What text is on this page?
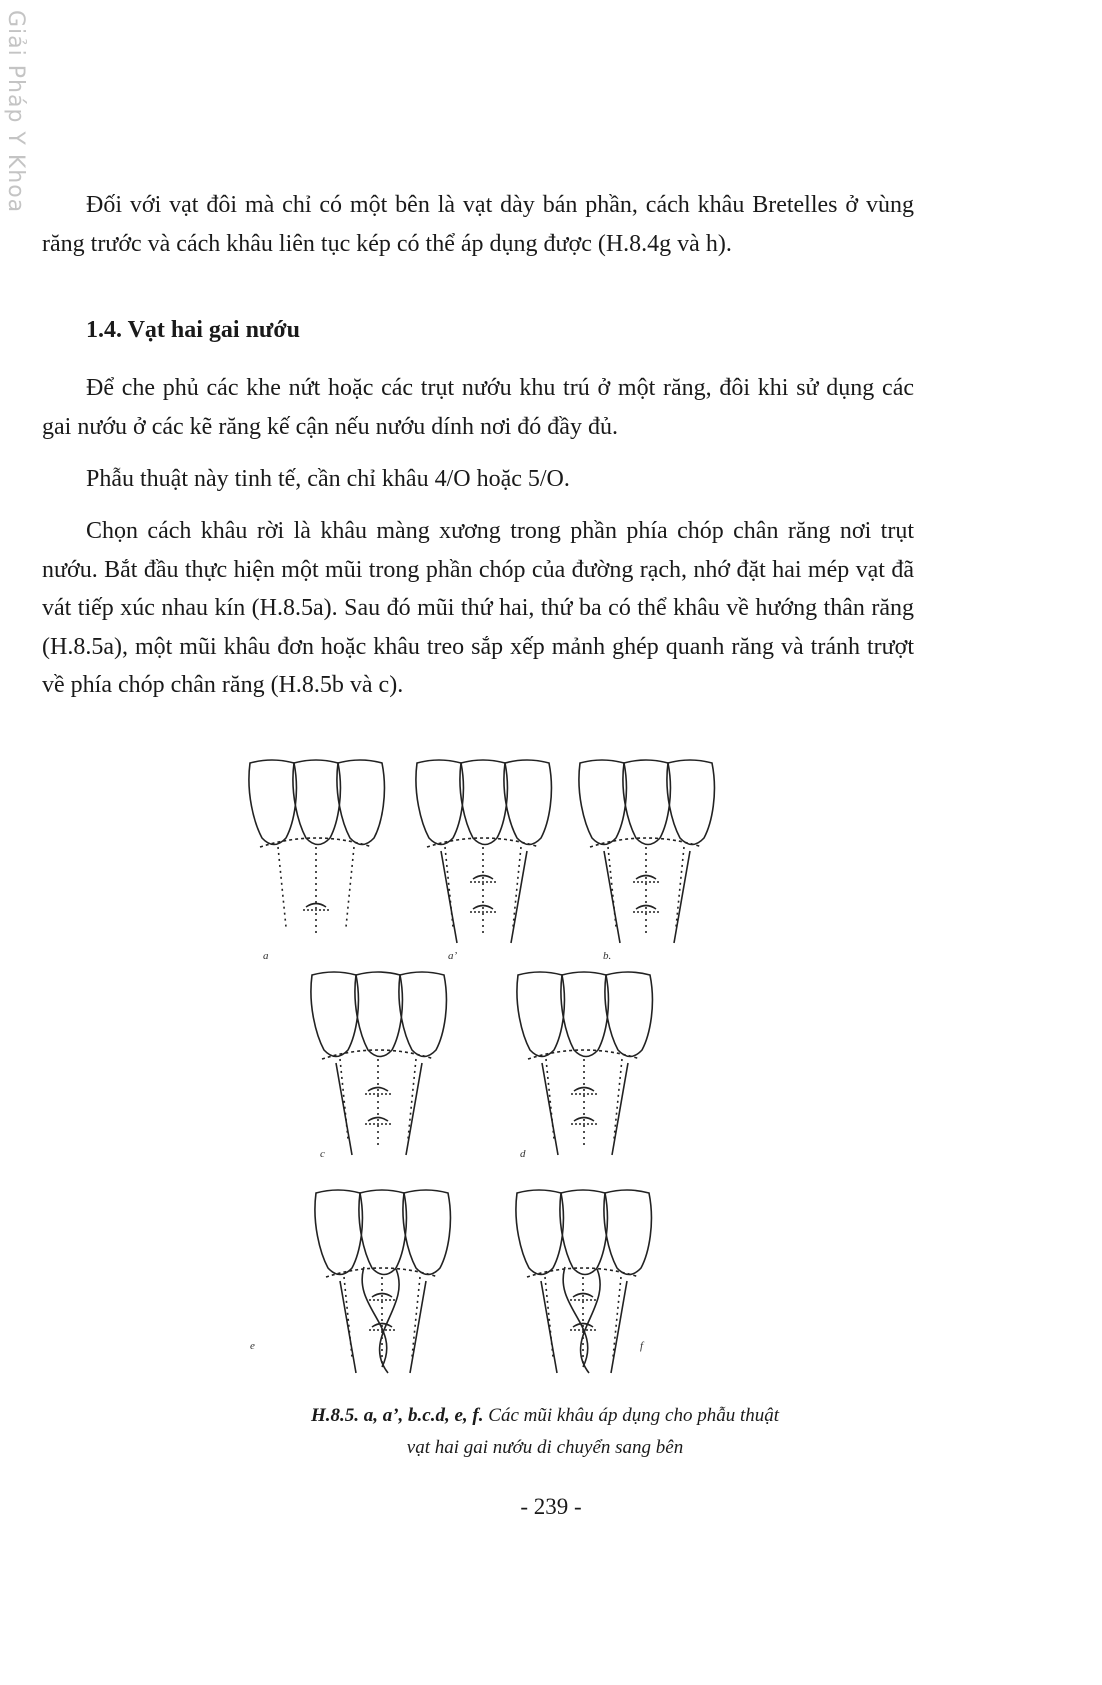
Giải Pháp Y Khoa	Đối với vạt đôi mà chỉ có một bên là vạt dày bán phần, cách khâu Bretelles ở vùng răng trước và cách khâu liên tục kép có thể áp dụng được (H.8.4g và h).

1.4. Vạt hai gai nướu

Để che phủ các khe nứt hoặc các trụt nướu khu trú ở một răng, đôi khi sử dụng các gai nướu ở các kẽ răng kế cận nếu nướu dính nơi đó đầy đủ.

Phẫu thuật này tinh tế, cần chỉ khâu 4/O hoặc 5/O.

Chọn cách khâu rời là khâu màng xương trong phần phía chóp chân răng nơi trụt nướu. Bắt đầu thực hiện một mũi trong phần chóp của đường rạch, nhớ đặt hai mép vạt đã vát tiếp xúc nhau kín (H.8.5a). Sau đó mũi thứ hai, thứ ba có thể khâu về hướng thân răng (H.8.5a), một mũi khâu đơn hoặc khâu treo sắp xếp mảnh ghép quanh răng và tránh trượt về phía chóp chân răng (H.8.5b và c).

a	a’	b.
c	d
e	f

H.8.5. a, a’, b.c.d, e, f. Các mũi khâu áp dụng cho phẫu thuật
vạt hai gai nướu di chuyển sang bên

- 239 -
